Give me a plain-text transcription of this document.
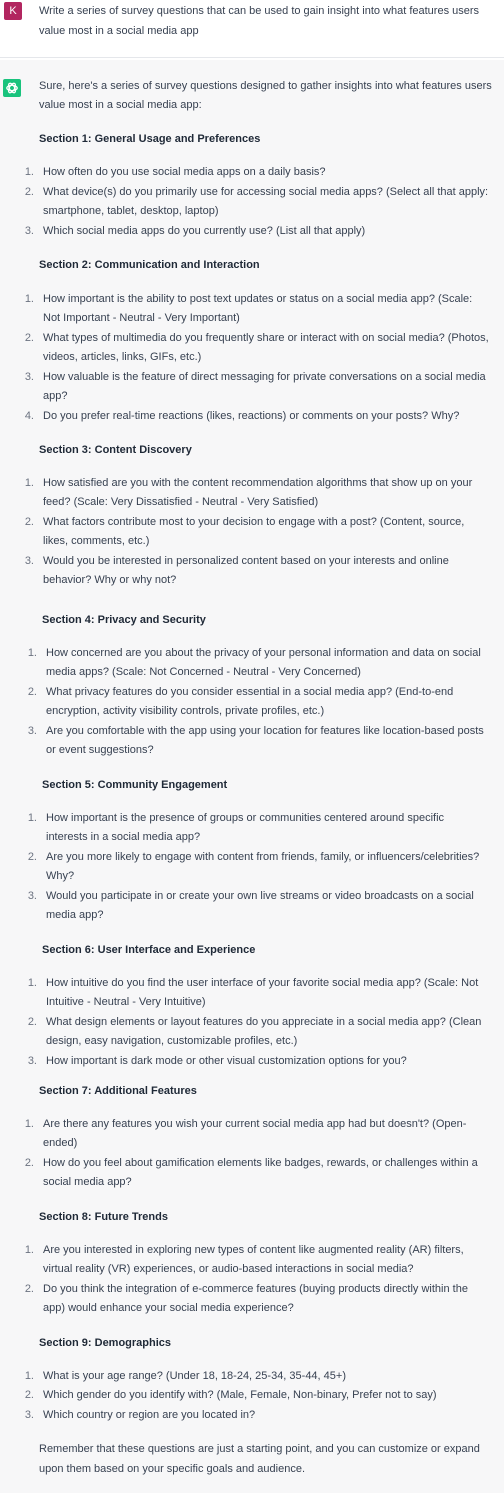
K	Write a series of survey questions that can be used to gain insight into what features users
value most in a social media app
Sure, here's a series of survey questions designed to gather insights into what features users
value most in a social media app:
Section 1: General Usage and Preferences
1. How often do you use social media apps on a daily basis?
2. What device(s) do you primarily use for accessing social media apps? (Select all that apply:
smartphone, tablet, desktop, laptop)
3. Which social media apps do you currently use? (List all that apply)
Section 2: Communication and Interaction
1. How important is the ability to post text updates or status on a social media app? (Scale:
Not Important - Neutral - Very Important)
2. What types of multimedia do you frequently share or interact with on social media? (Photos,
videos, articles, links, GIFs, etc.)
3. How valuable is the feature of direct messaging for private conversations on a social media
app?
4. Do you prefer real-time reactions (likes, reactions) or comments on your posts? Why?
Section 3: Content Discovery
1. How satisfied are you with the content recommendation algorithms that show up on your
feed? (Scale: Very Dissatisfied - Neutral - Very Satisfied)
2. What factors contribute most to your decision to engage with a post? (Content, source,
likes, comments, etc.)
3. Would you be interested in personalized content based on your interests and online
behavior? Why or why not?
Section 4: Privacy and Security
1. How concerned are you about the privacy of your personal information and data on social
media apps? (Scale: Not Concerned - Neutral - Very Concerned)
2. What privacy features do you consider essential in a social media app? (End-to-end
encryption, activity visibility controls, private profiles, etc.)
3. Are you comfortable with the app using your location for features like location-based posts
or event suggestions?
Section 5: Community Engagement
1. How important is the presence of groups or communities centered around specific
interests in a social media app?
2. Are you more likely to engage with content from friends, family, or influencers/celebrities?
Why?
3. Would you participate in or create your own live streams or video broadcasts on a social
media app?
Section 6: User Interface and Experience
1. How intuitive do you find the user interface of your favorite social media app? (Scale: Not
Intuitive - Neutral - Very Intuitive)
2. What design elements or layout features do you appreciate in a social media app? (Clean
design, easy navigation, customizable profiles, etc.)
3. How important is dark mode or other visual customization options for you?
Section 7: Additional Features
1. Are there any features you wish your current social media app had but doesn't? (Open-
ended)
2. How do you feel about gamification elements like badges, rewards, or challenges within a
social media app?
Section 8: Future Trends
1. Are you interested in exploring new types of content like augmented reality (AR) filters,
virtual reality (VR) experiences, or audio-based interactions in social media?
2. Do you think the integration of e-commerce features (buying products directly within the
app) would enhance your social media experience?
Section 9: Demographics
1. What is your age range? (Under 18, 18-24, 25-34, 35-44, 45+)
2. Which gender do you identify with? (Male, Female, Non-binary, Prefer not to say)
3. Which country or region are you located in?
Remember that these questions are just a starting point, and you can customize or expand
upon them based on your specific goals and audience.
